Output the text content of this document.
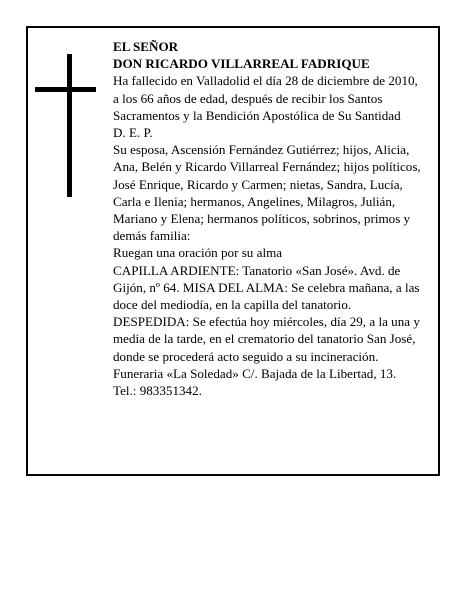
EL SEÑOR

DON RICARDO VILLARREAL FADRIQUE

Ha fallecido en Valladolid el día 28 de diciembre de 2010, a los 66 años de edad, después de recibir los Santos Sacramentos y la Bendición Apostólica de Su Santidad

D. E. P.

Su esposa, Ascensión Fernández Gutiérrez; hijos, Alicia, Ana, Belén y Ricardo Villarreal Fernández; hijos políticos, José Enrique, Ricardo y Carmen; nietas, Sandra, Lucía, Carla e Ilenia; hermanos, Angelines, Milagros, Julián, Mariano y Elena; hermanos políticos, sobrinos, primos y demás familia:

Ruegan una oración por su alma

CAPILLA ARDIENTE: Tanatorio «San José». Avd. de Gijón, nº 64. MISA DEL ALMA: Se celebra mañana, a las doce del mediodía, en la capilla del tanatorio.

DESPEDIDA: Se efectúa hoy miércoles, día 29, a la una y media de la tarde, en el crematorio del tanatorio San José, donde se procederá acto seguido a su incineración.

Funeraria «La Soledad» C/. Bajada de la Libertad, 13. Tel.: 983351342.
